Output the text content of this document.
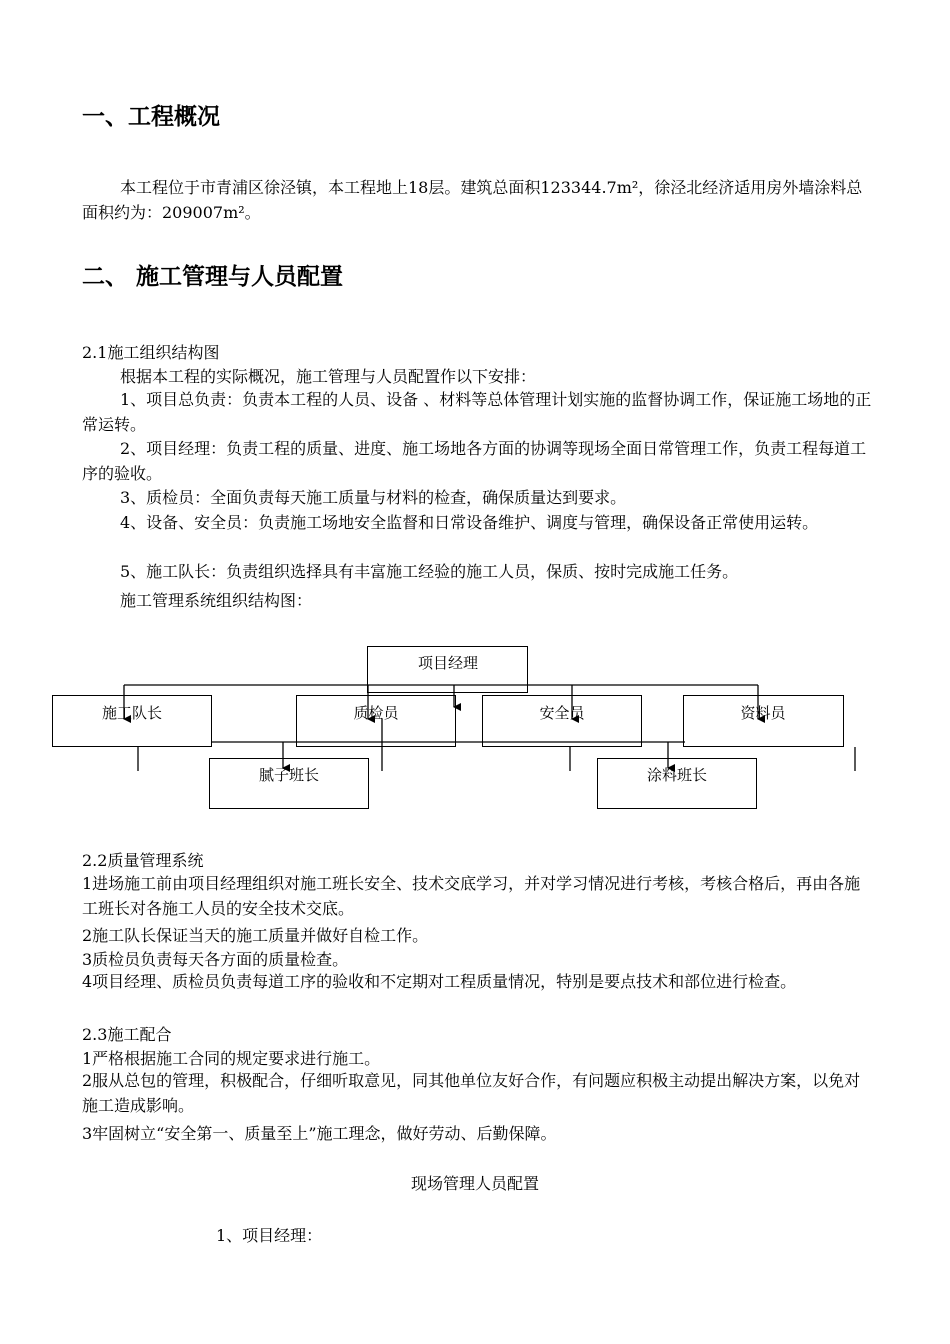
一、工程概况

本工程位于市青浦区徐泾镇，本工程地上18层。建筑总面积123344.7m²，徐泾北经济适用房外墙涂料总面积约为：209007m²。

二、 施工管理与人员配置
2.1施工组织结构图
根据本工程的实际概况，施工管理与人员配置作以下安排：

1、项目总负责：负责本工程的人员、设备 、材料等总体管理计划实施的监督协调工作，保证施工场地的正常运转。

2、项目经理：负责工程的质量、进度、施工场地各方面的协调等现场全面日常管理工作，负责工程每道工序的验收。

3、质检员：全面负责每天施工质量与材料的检查，确保质量达到要求。

4、设备、安全员：负责施工场地安全监督和日常设备维护、调度与管理，确保设备正常使用运转。

5、施工队长：负责组织选择具有丰富施工经验的施工人员，保质、按时完成施工任务。

施工管理系统组织结构图：
项目经理
施工队长	质检员	安全员	资料员
腻子班长	涂料班长
2.2质量管理系统

1进场施工前由项目经理组织对施工班长安全、技术交底学习，并对学习情况进行考核，考核合格后，再由各施工班长对各施工人员的安全技术交底。

2施工队长保证当天的施工质量并做好自检工作。
3质检员负责每天各方面的质量检查。

4项目经理、质检员负责每道工序的验收和不定期对工程质量情况，特别是要点技术和部位进行检查。

2.3施工配合
1严格根据施工合同的规定要求进行施工。

2服从总包的管理，积极配合，仔细听取意见，同其他单位友好合作，有问题应积极主动提出解决方案，以免对施工造成影响。

3牢固树立“安全第一、质量至上”施工理念，做好劳动、后勤保障。
现场管理人员配置
1、项目经理：
